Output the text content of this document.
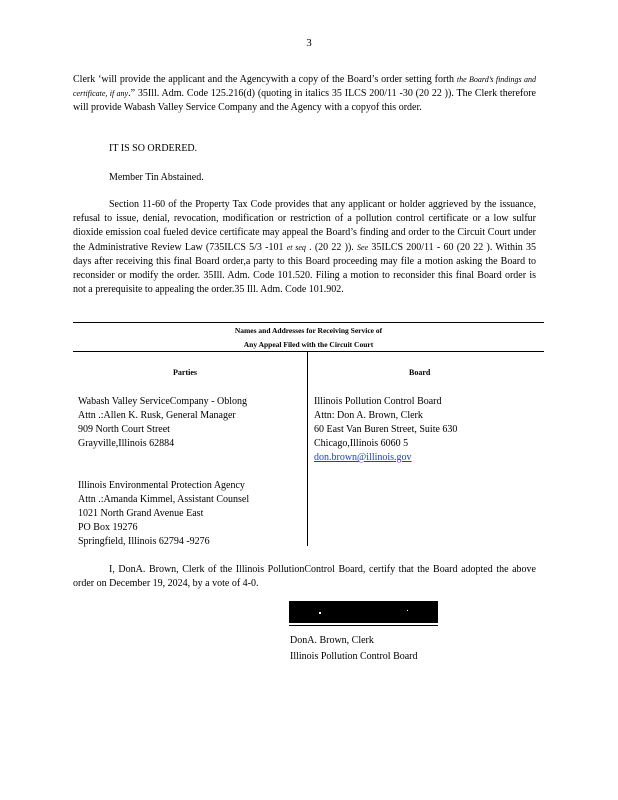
3
Clerk ‘will provide the applicant and the Agencywith a copy of the Board’s order setting forth the Board’s findings and certificate, if any.” 35Ill. Adm. Code 125.216(d) (quoting in italics 35 ILCS 200/11 -30 (20 22 )). The Clerk therefore will provide Wabash Valley Service Company and the Agency with a copyof this order.
IT IS SO ORDERED.
Member Tin Abstained.
Section 11-60 of the Property Tax Code provides that any applicant or holder aggrieved by the issuance, refusal to issue, denial, revocation, modification or restriction of a pollution control certificate or a low sulfur dioxide emission coal fueled device certificate may appeal the Board’s finding and order to the Circuit Court under the Administrative Review Law (735ILCS 5/3 -101 et seq . (20 22 )). See 35ILCS 200/11 - 60 (20 22 ). Within 35 days after receiving this final Board order,a party to this Board proceeding may file a motion asking the Board to reconsider or modify the order. 35Ill. Adm. Code 101.520. Filing a motion to reconsider this final Board order is not a prerequisite to appealing the order.35 Ill. Adm. Code 101.902.
Names and Addresses for Receiving Service of
Any Appeal Filed with the Circuit Court
Parties	Board
Wabash Valley ServiceCompany - Oblong
Attn .:Allen K. Rusk, General Manager
909 North Court Street
Grayville,Illinois 62884
Illinois Environmental Protection Agency
Attn .:Amanda Kimmel, Assistant Counsel
1021 North Grand Avenue East
PO Box 19276
Springfield, Illinois 62794 -9276
Illinois Pollution Control Board
Attn: Don A. Brown, Clerk
60 East Van Buren Street, Suite 630
Chicago,Illinois 6060 5
don.brown@illinois.gov
I, DonA. Brown, Clerk of the Illinois PollutionControl Board, certify that the Board adopted the above order on December 19, 2024, by a vote of 4-0.
DonA. Brown, Clerk
Illinois Pollution Control Board
